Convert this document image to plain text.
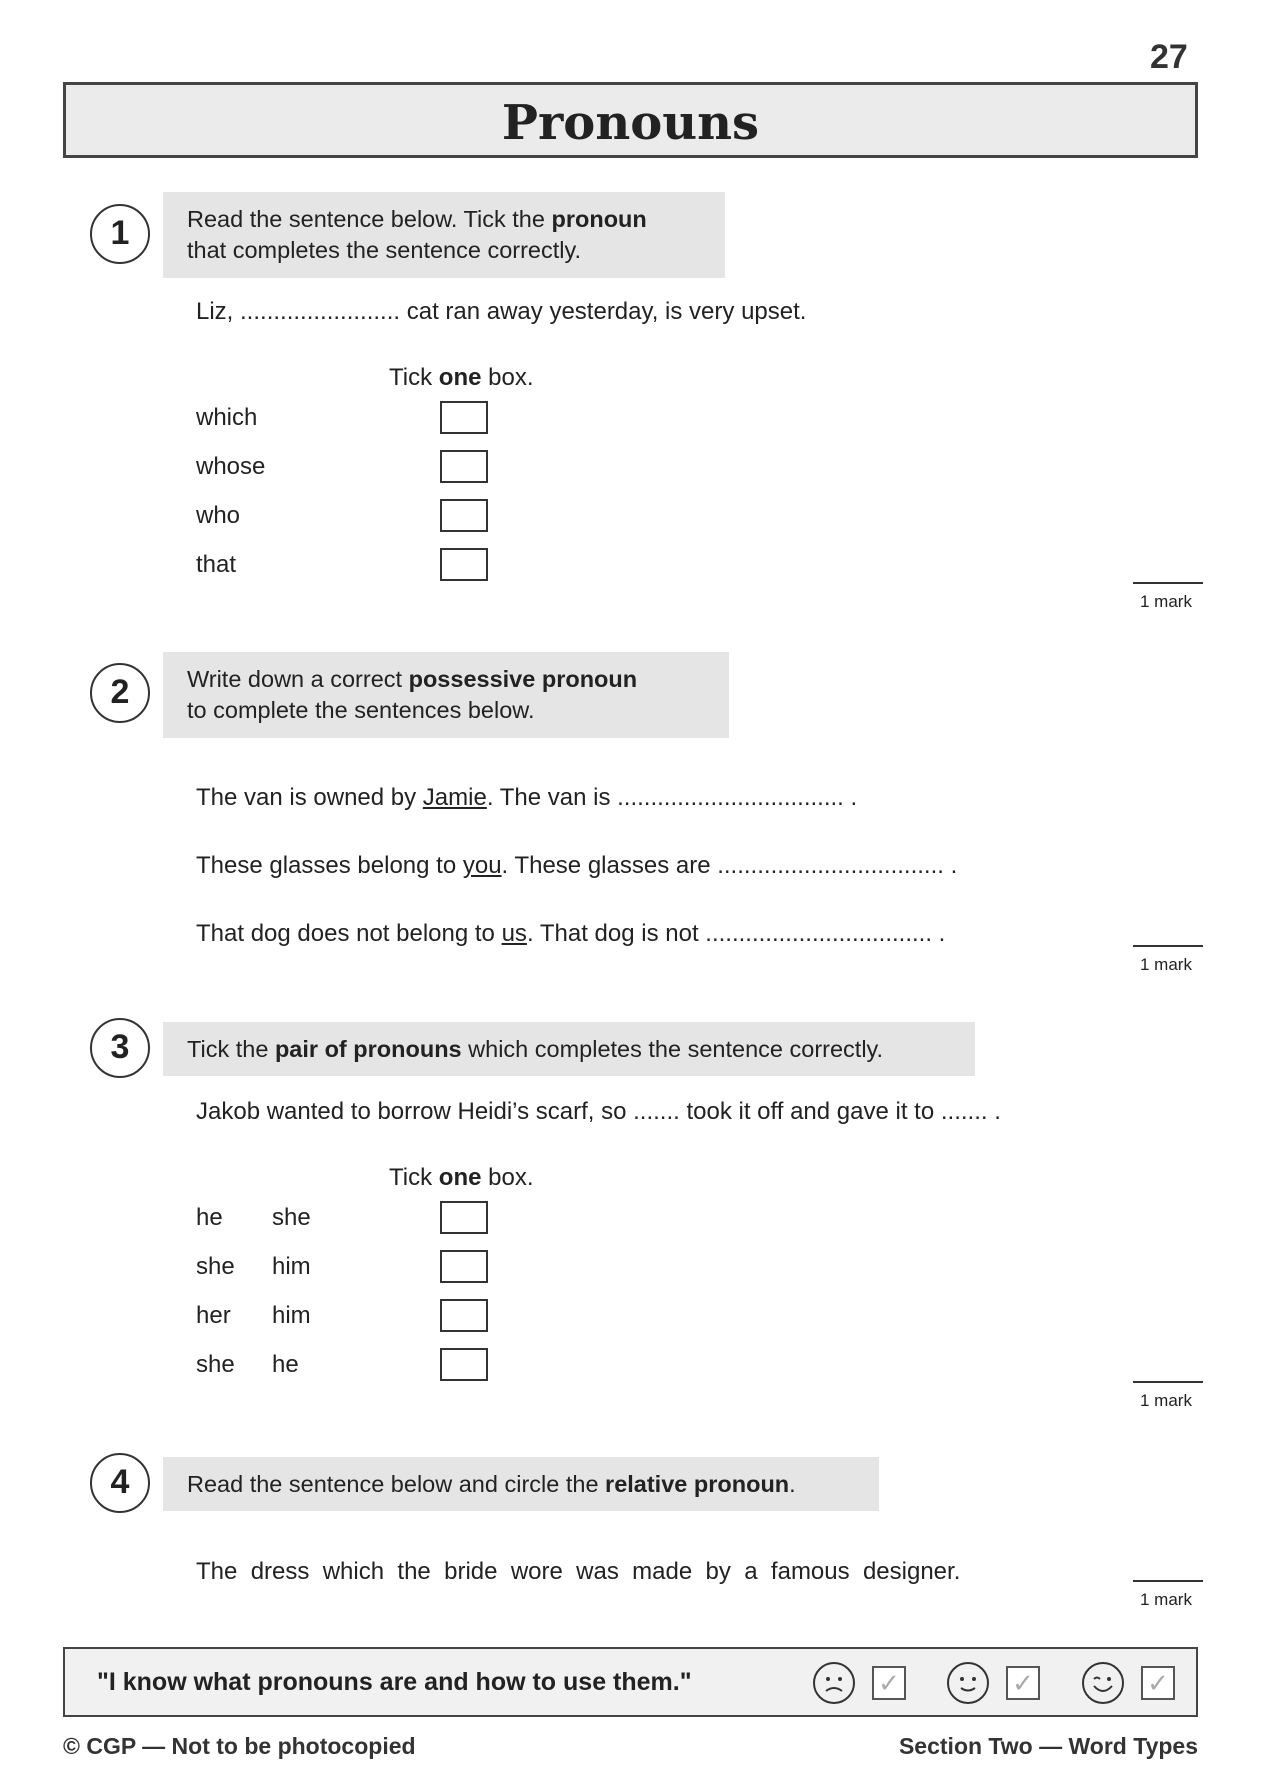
27
Pronouns
1	Read the sentence below. Tick the pronoun
that completes the sentence correctly.
Liz, ........................ cat ran away yesterday, is very upset.
Tick one box.
which
whose
who
that
1 mark
2	Write down a correct possessive pronoun
to complete the sentences below.
The van is owned by Jamie. The van is .................................. .
These glasses belong to you. These glasses are .................................. .
That dog does not belong to us. That dog is not .................................. .
1 mark
3	Tick the pair of pronouns which completes the sentence correctly.
Jakob wanted to borrow Heidi’s scarf, so ....... took it off and gave it to ....... .
Tick one box.
he she
she him
her him
she he
1 mark
4	Read the sentence below and circle the relative pronoun.
The  dress  which  the  bride  wore  was  made  by  a  famous  designer.
1 mark
"I know what pronouns are and how to use them."	✓	✓	✓
© CGP — Not to be photocopied	Section Two — Word Types
